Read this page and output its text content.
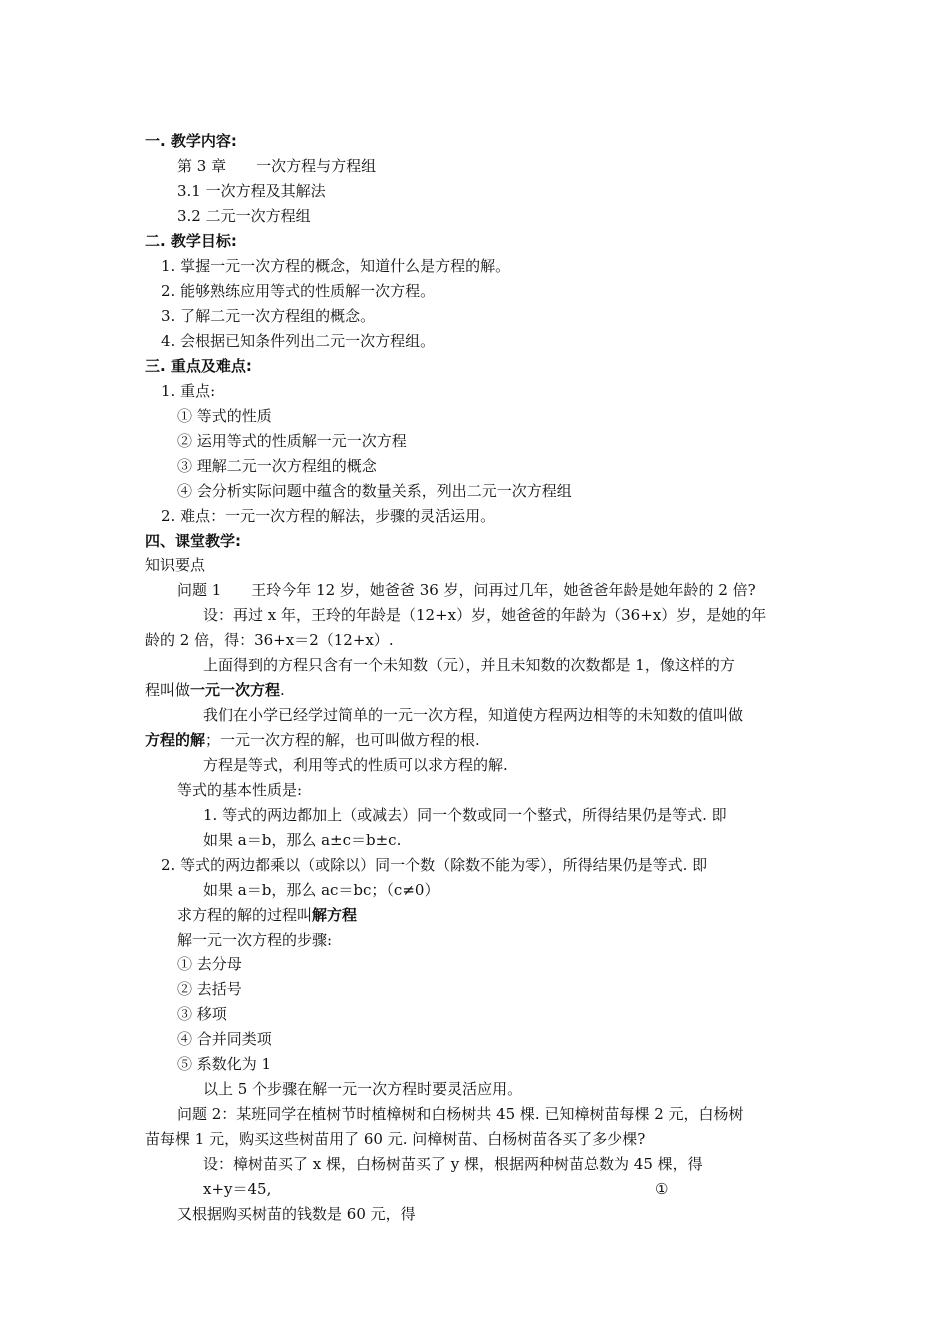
一. 教学内容:
第 3 章　　一次方程与方程组
3.1 一次方程及其解法
3.2 二元一次方程组
二. 教学目标:
1. 掌握一元一次方程的概念，知道什么是方程的解。
2. 能够熟练应用等式的性质解一次方程。
3. 了解二元一次方程组的概念。
4. 会根据已知条件列出二元一次方程组。
三. 重点及难点:
1. 重点:
① 等式的性质
② 运用等式的性质解一元一次方程
③ 理解二元一次方程组的概念
④ 会分析实际问题中蕴含的数量关系，列出二元一次方程组
2. 难点：一元一次方程的解法，步骤的灵活运用。
四、课堂教学:
知识要点
问题 1　　王玲今年 12 岁，她爸爸 36 岁，问再过几年，她爸爸年龄是她年龄的 2 倍?
设：再过 x 年，王玲的年龄是（12+x）岁，她爸爸的年龄为（36+x）岁，是她的年
龄的 2 倍，得：36+x＝2（12+x）.
上面得到的方程只含有一个未知数（元），并且未知数的次数都是 1，像这样的方
程叫做一元一次方程.
我们在小学已经学过简单的一元一次方程，知道使方程两边相等的未知数的值叫做
方程的解；一元一次方程的解，也可叫做方程的根.
方程是等式，利用等式的性质可以求方程的解.
等式的基本性质是:
1. 等式的两边都加上（或减去）同一个数或同一个整式，所得结果仍是等式. 即
如果 a＝b，那么 a±c＝b±c.
2. 等式的两边都乘以（或除以）同一个数（除数不能为零），所得结果仍是等式. 即
如果 a＝b，那么 ac＝bc；（c≠0）
求方程的解的过程叫解方程
解一元一次方程的步骤:
① 去分母
② 去括号
③ 移项
④ 合并同类项
⑤ 系数化为 1
以上 5 个步骤在解一元一次方程时要灵活应用。
问题 2：某班同学在植树节时植樟树和白杨树共 45 棵. 已知樟树苗每棵 2 元，白杨树
苗每棵 1 元，购买这些树苗用了 60 元. 问樟树苗、白杨树苗各买了多少棵?
设：樟树苗买了 x 棵，白杨树苗买了 y 棵，根据两种树苗总数为 45 棵，得
x+y＝45,	①
又根据购买树苗的钱数是 60 元，得
